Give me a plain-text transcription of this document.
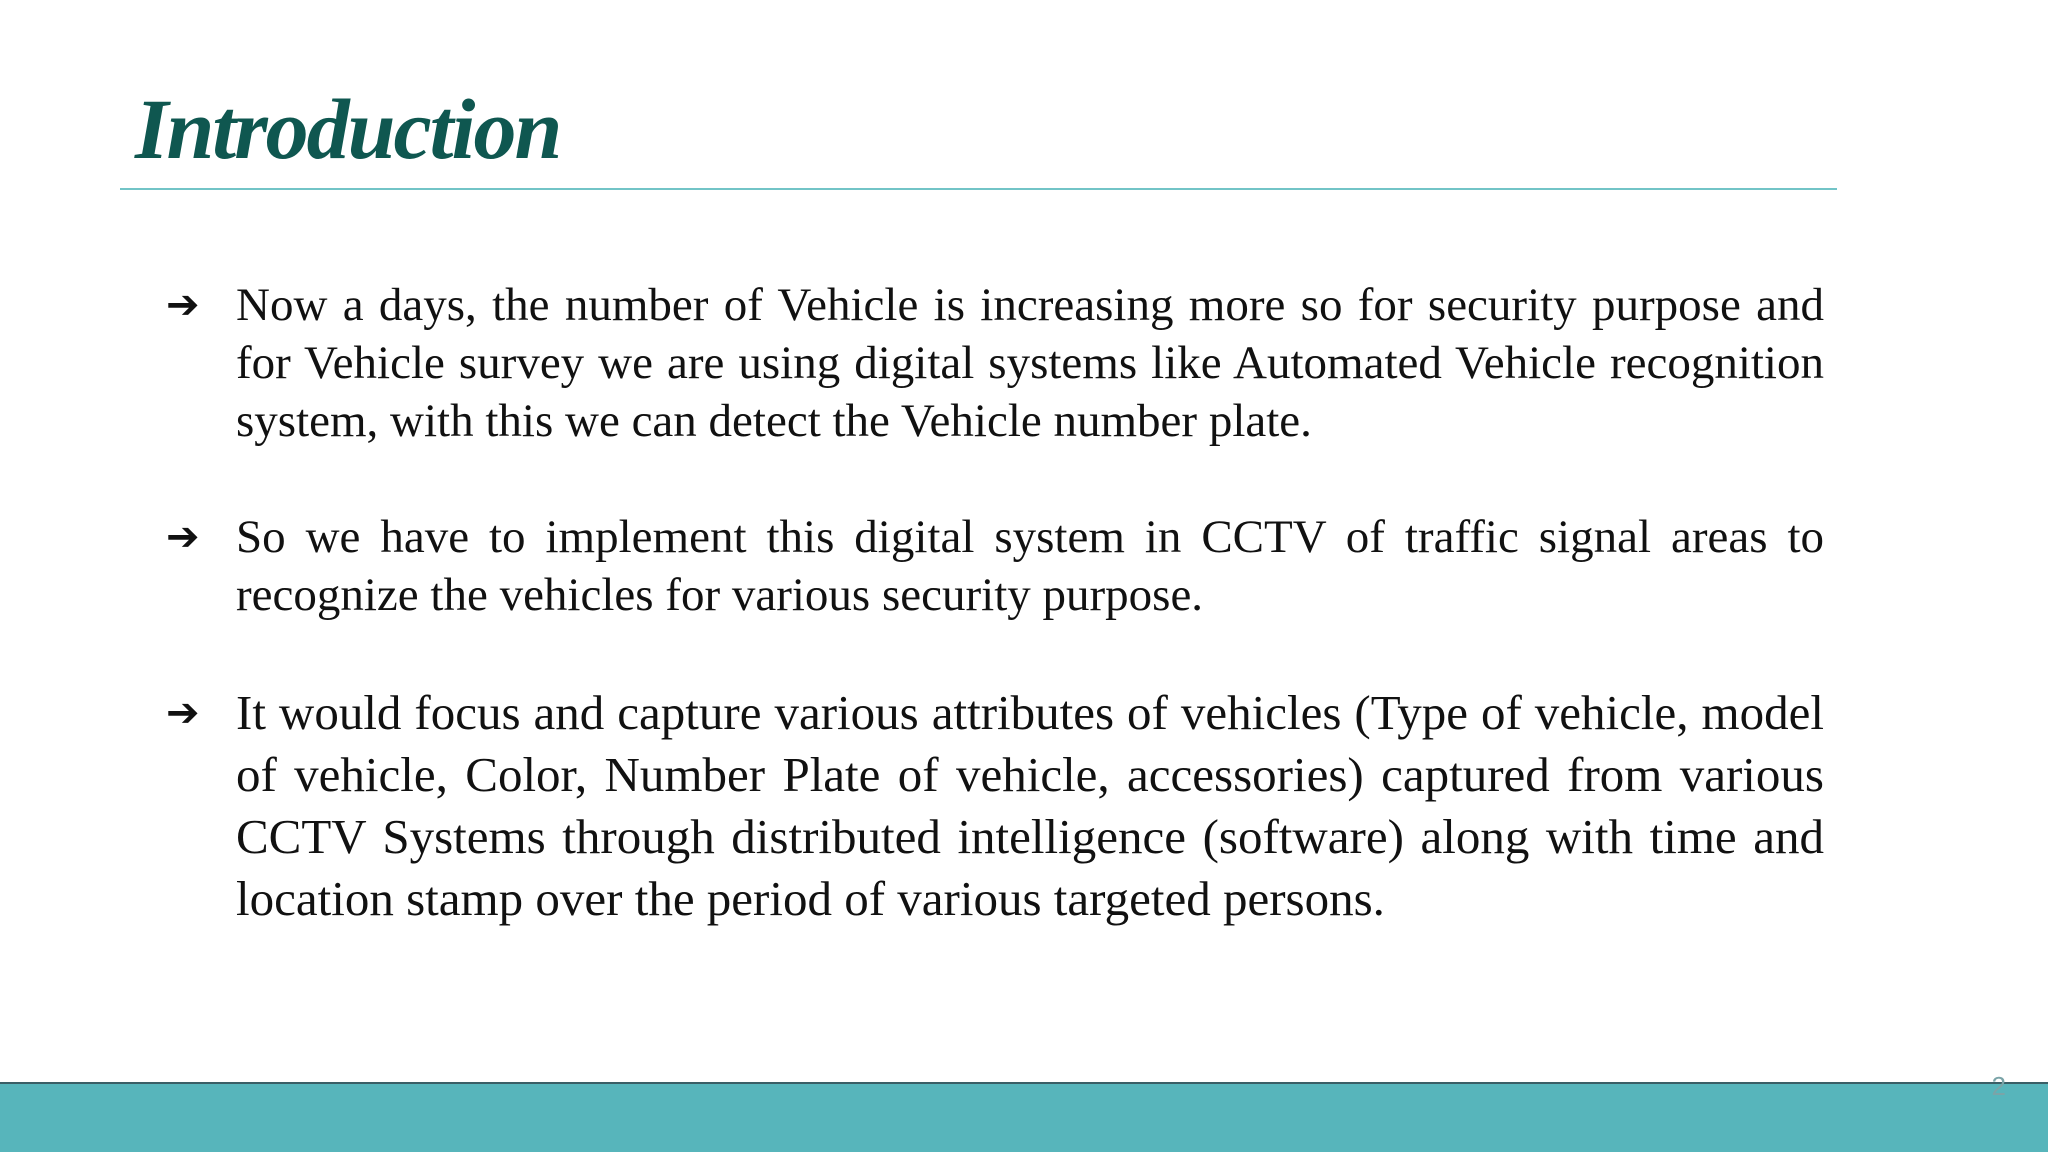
Introduction
➔ Now a days, the number of Vehicle is increasing more so for security purpose and for Vehicle survey we are using digital systems like Automated Vehicle recognition system, with this we can detect the Vehicle number plate.
➔ So we have to implement this digital system in CCTV of traffic signal areas to recognize the vehicles for various security purpose.
➔ It would focus and capture various attributes of vehicles (Type of vehicle, model of vehicle, Color, Number Plate of vehicle, accessories) captured from various CCTV Systems through distributed intelligence (software) along with time and location stamp over the period of various targeted persons.
2
